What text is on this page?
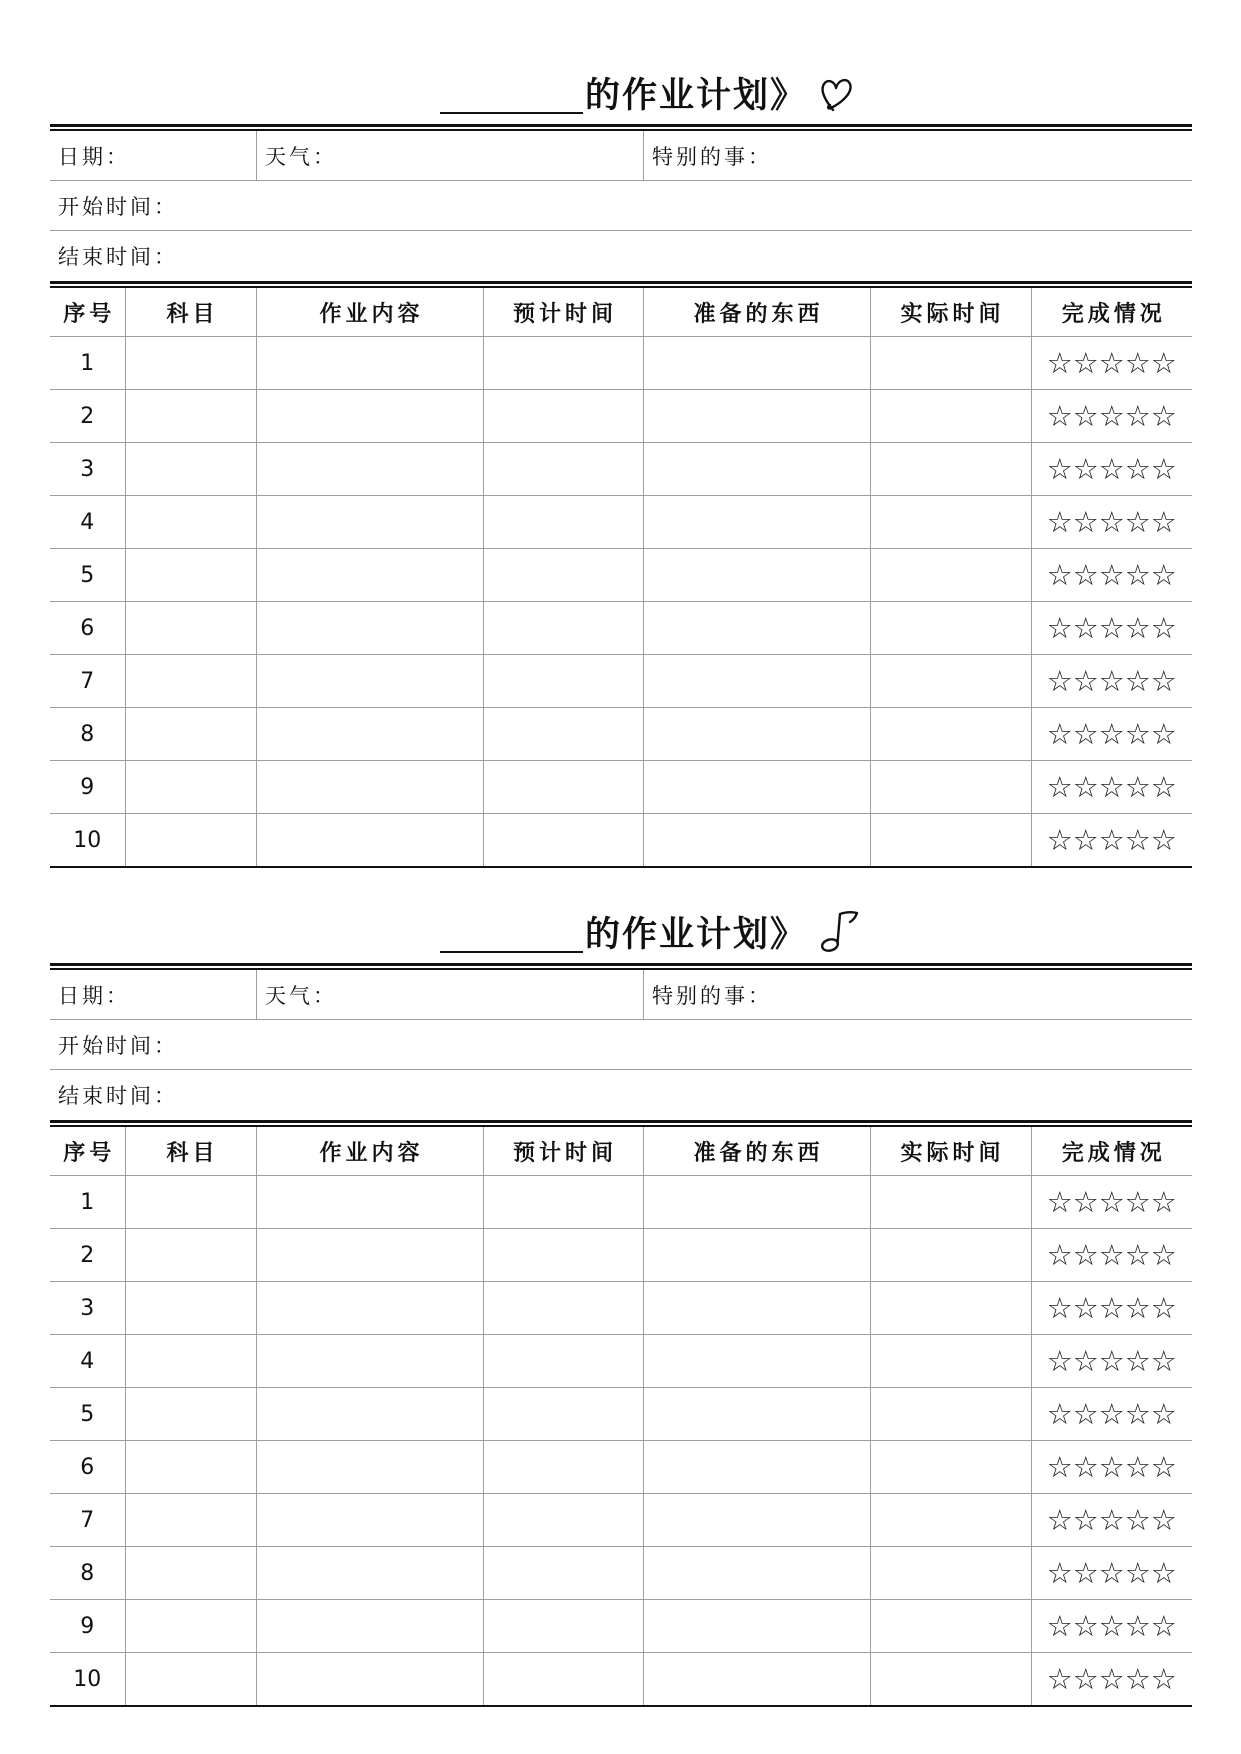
的作业计划》
日期：	天气：	特别的事：
开始时间：
结束时间：
序号	科目	作业内容	预计时间	准备的东西	实际时间	完成情况
1						☆☆☆☆☆
2						☆☆☆☆☆
3						☆☆☆☆☆
4						☆☆☆☆☆
5						☆☆☆☆☆
6						☆☆☆☆☆
7						☆☆☆☆☆
8						☆☆☆☆☆
9						☆☆☆☆☆
10						☆☆☆☆☆
的作业计划》
日期：	天气：	特别的事：
开始时间：
结束时间：
序号	科目	作业内容	预计时间	准备的东西	实际时间	完成情况
1						☆☆☆☆☆
2						☆☆☆☆☆
3						☆☆☆☆☆
4						☆☆☆☆☆
5						☆☆☆☆☆
6						☆☆☆☆☆
7						☆☆☆☆☆
8						☆☆☆☆☆
9						☆☆☆☆☆
10						☆☆☆☆☆
